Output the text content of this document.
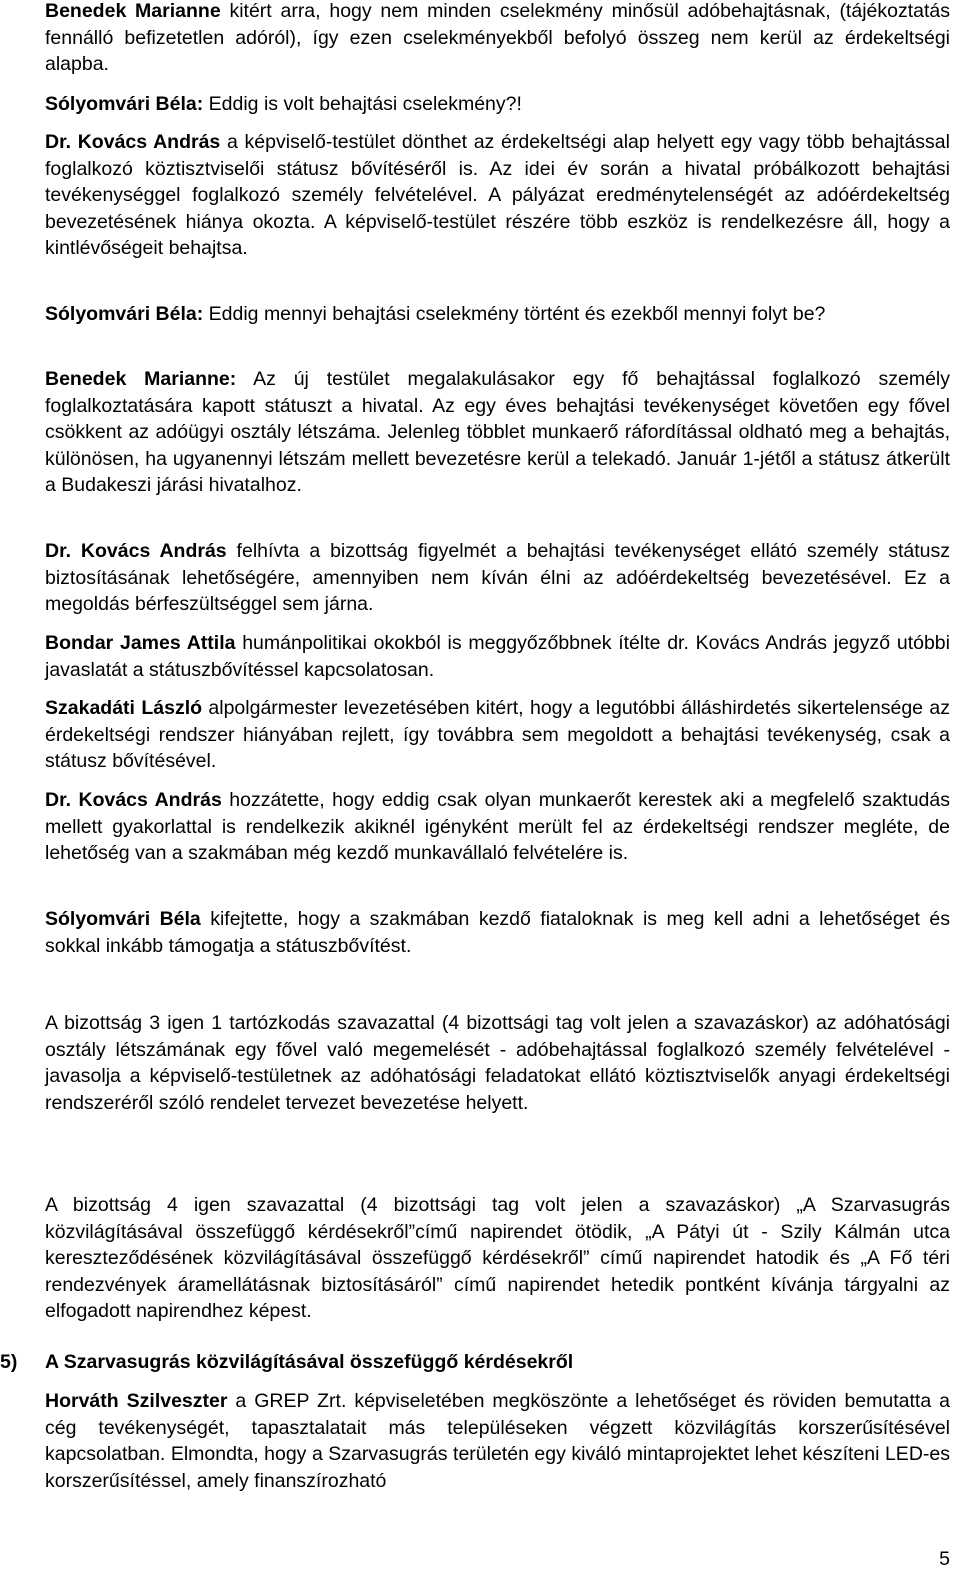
Benedek Marianne kitért arra, hogy nem minden cselekmény minősül adóbehajtásnak, (tájékoztatás fennálló befizetetlen adóról), így ezen cselekményekből befolyó összeg nem kerül az érdekeltségi alapba.

Sólyomvári Béla: Eddig is volt behajtási cselekmény?!

Dr. Kovács András a képviselő-testület dönthet az érdekeltségi alap helyett egy vagy több behajtással foglalkozó köztisztviselői státusz bővítéséről is. Az idei év során a hivatal próbálkozott behajtási tevékenységgel foglalkozó személy felvételével. A pályázat eredménytelenségét az adóérdekeltség bevezetésének hiánya okozta. A képviselő-testület részére több eszköz is rendelkezésre áll, hogy a kintlévőségeit behajtsa.

Sólyomvári Béla: Eddig mennyi behajtási cselekmény történt és ezekből mennyi folyt be?

Benedek Marianne: Az új testület megalakulásakor egy fő behajtással foglalkozó személy foglalkoztatására kapott státuszt a hivatal. Az egy éves behajtási tevékenységet követően egy fővel csökkent az adóügyi osztály létszáma. Jelenleg többlet munkaerő ráfordítással oldható meg a behajtás, különösen, ha ugyanennyi létszám mellett bevezetésre kerül a telekadó. Január 1-jétől a státusz átkerült a Budakeszi járási hivatalhoz.

Dr. Kovács András felhívta a bizottság figyelmét a behajtási tevékenységet ellátó személy státusz biztosításának lehetőségére, amennyiben nem kíván élni az adóérdekeltség bevezetésével. Ez a megoldás bérfeszültséggel sem járna.

Bondar James Attila humánpolitikai okokból is meggyőzőbbnek ítélte dr. Kovács András jegyző utóbbi javaslatát a státuszbővítéssel kapcsolatosan.

Szakadáti László alpolgármester levezetésében kitért, hogy a legutóbbi álláshirdetés sikertelensége az érdekeltségi rendszer hiányában rejlett, így továbbra sem megoldott a behajtási tevékenység, csak a státusz bővítésével.

Dr. Kovács András hozzátette, hogy eddig csak olyan munkaerőt kerestek aki a megfelelő szaktudás mellett gyakorlattal is rendelkezik akiknél igényként merült fel az érdekeltségi rendszer megléte, de lehetőség van a szakmában még kezdő munkavállaló felvételére is.

Sólyomvári Béla kifejtette, hogy a szakmában kezdő fiataloknak is meg kell adni a lehetőséget és sokkal inkább támogatja a státuszbővítést.

A bizottság 3 igen 1 tartózkodás szavazattal (4 bizottsági tag volt jelen a szavazáskor) az adóhatósági osztály létszámának egy fővel való megemelését - adóbehajtással foglalkozó személy felvételével - javasolja a képviselő-testületnek az adóhatósági feladatokat ellátó köztisztviselők anyagi érdekeltségi rendszeréről szóló rendelet tervezet bevezetése helyett.

A bizottság 4 igen szavazattal (4 bizottsági tag volt jelen a szavazáskor) „A Szarvasugrás közvilágításával összefüggő kérdésekről”című napirendet ötödik, „A Pátyi út - Szily Kálmán utca kereszteződésének közvilágításával összefüggő kérdésekről” című napirendet hatodik és „A Fő téri rendezvények áramellátásnak biztosításáról” című napirendet hetedik pontként kívánja tárgyalni az elfogadott napirendhez képest.

5) A Szarvasugrás közvilágításával összefüggő kérdésekről

Horváth Szilveszter a GREP Zrt. képviseletében megköszönte a lehetőséget és röviden bemutatta a cég tevékenységét, tapasztalatait más településeken végzett közvilágítás korszerűsítésével kapcsolatban. Elmondta, hogy a Szarvasugrás területén egy kiváló mintaprojektet lehet készíteni LED-es korszerűsítéssel, amely finanszírozható

5
